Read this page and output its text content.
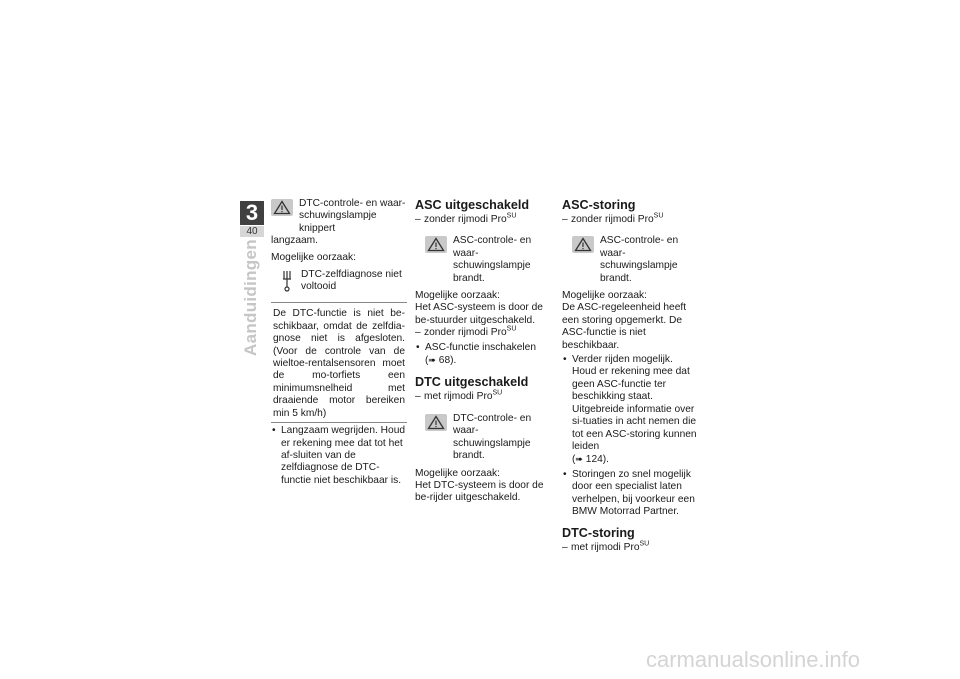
3
40
Aanduidingen
DTC-controle- en waar-schuwingslampje knippert

langzaam.

Mogelijke oorzaak:

DTC-zelfdiagnose niet voltooid
De DTC-functie is niet be-schikbaar, omdat de zelfdia-gnose niet is afgesloten. (Voor de controle van de wieltoe-rentalsensoren moet de mo-torfiets een minimumsnelheid met draaiende motor bereiken min 5 km/h)

• Langzaam wegrijden. Houd er rekening mee dat tot het af-sluiten van de zelfdiagnose de DTC-functie niet beschikbaar is.

ASC uitgeschakeld

– zonder rijmodi Pro$^{SU}$

ASC-controle- en waar-schuwingslampje brandt.

Mogelijke oorzaak:

Het ASC-systeem is door de be-stuurder uitgeschakeld.

– zonder rijmodi Pro$^{SU}$

• ASC-functie inschakelen
(➠ 68).

DTC uitgeschakeld

– met rijmodi Pro$^{SU}$

DTC-controle- en waar-schuwingslampje brandt.

Mogelijke oorzaak:

Het DTC-systeem is door de be-rijder uitgeschakeld.

ASC-storing

– zonder rijmodi Pro$^{SU}$

ASC-controle- en waar-schuwingslampje brandt.

Mogelijke oorzaak:

De ASC-regeleenheid heeft een storing opgemerkt. De ASC-functie is niet beschikbaar.

• Verder rijden mogelijk. Houd er rekening mee dat geen ASC-functie ter beschikking staat. Uitgebreide informatie over si-tuaties in acht nemen die tot een ASC-storing kunnen leiden
(➠ 124).

• Storingen zo snel mogelijk door een specialist laten verhelpen, bij voorkeur een BMW Motorrad Partner.

DTC-storing

– met rijmodi Pro$^{SU}$

carmanualsonline.info
